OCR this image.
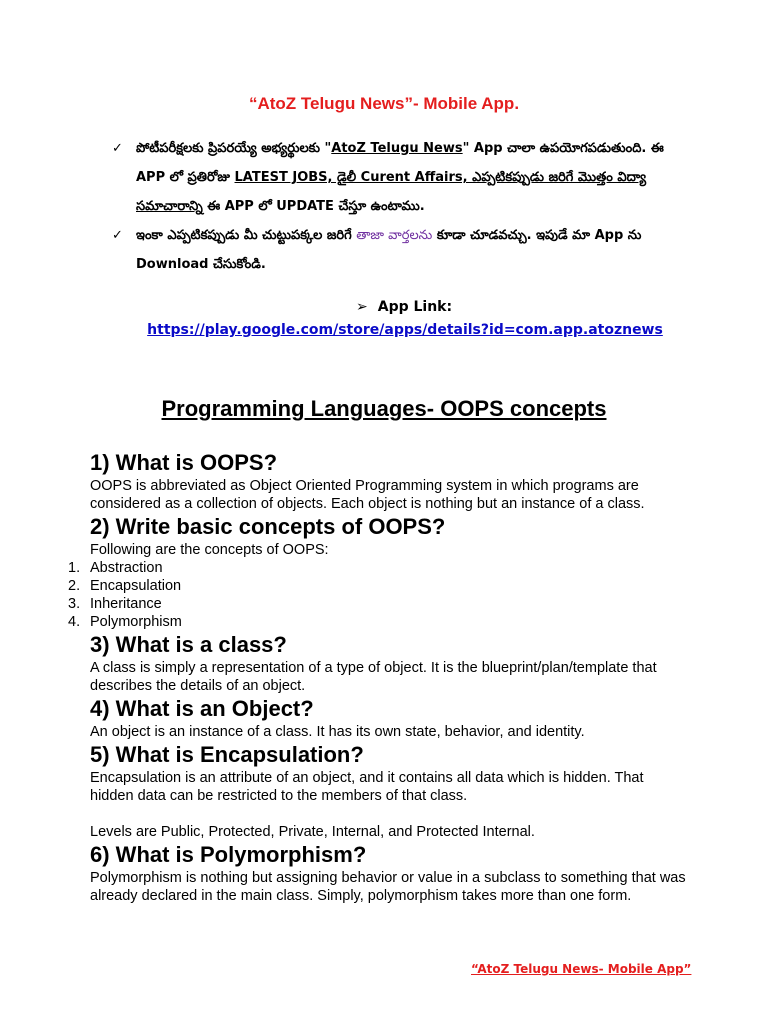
“AtoZ Telugu News”- Mobile App.
✓ పోటీపరీక్షలకు ప్రిపరయ్యే అభ్యర్థులకు "AtoZ Telugu News" App చాలా ఉపయోగపడుతుంది. ఈ APP లో ప్రతిరోజు LATEST JOBS, డైలీ Curent Affairs, ఎప్పటికప్పుడు జరిగే మొత్తం విద్యా సమాచారాన్ని ఈ APP లో UPDATE చేస్తూ ఉంటాము.
✓ ఇంకా ఎప్పటికప్పుడు మీ చుట్టుపక్కల జరిగే తాజా వార్తలను కూడా చూడవచ్చు. ఇపుడే మా App ను Download చేసుకోండి.
➢ App Link:
https://play.google.com/store/apps/details?id=com.app.atoznews
Programming Languages- OOPS concepts
1) What is OOPS?

OOPS is abbreviated as Object Oriented Programming system in which programs are considered as a collection of objects. Each object is nothing but an instance of a class.

2) Write basic concepts of OOPS?

Following are the concepts of OOPS:

1. Abstraction
2. Encapsulation
3. Inheritance
4. Polymorphism
3) What is a class?

A class is simply a representation of a type of object. It is the blueprint/plan/template that describes the details of an object.

4) What is an Object?

An object is an instance of a class. It has its own state, behavior, and identity.

5) What is Encapsulation?

Encapsulation is an attribute of an object, and it contains all data which is hidden. That hidden data can be restricted to the members of that class.

Levels are Public, Protected, Private, Internal, and Protected Internal.

6) What is Polymorphism?

Polymorphism is nothing but assigning behavior or value in a subclass to something that was already declared in the main class. Simply, polymorphism takes more than one form.

“AtoZ Telugu News- Mobile App”
